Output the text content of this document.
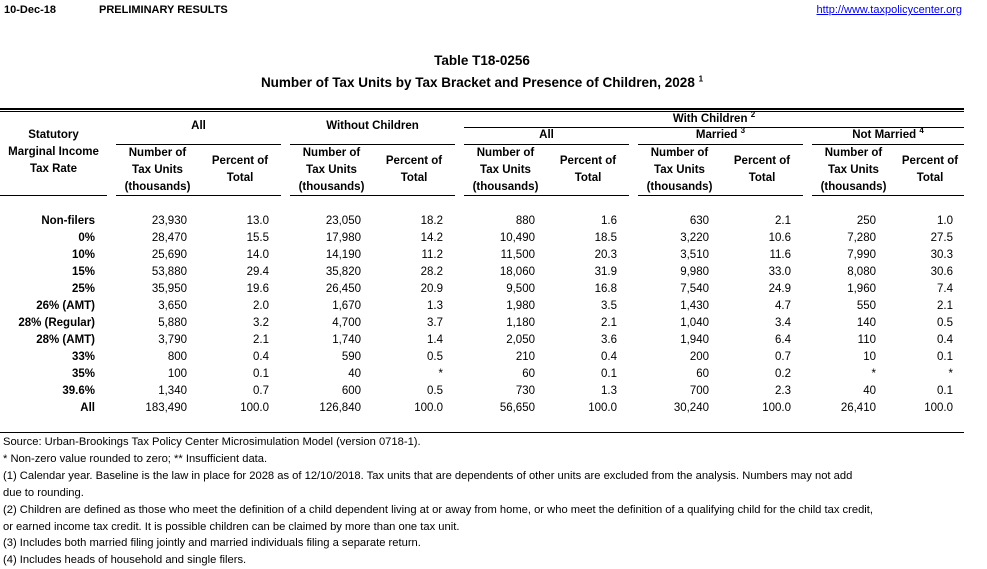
10-Dec-18	PRELIMINARY RESULTS	http://www.taxpolicycenter.org
Table T18-0256
Number of Tax Units by Tax Bracket and Presence of Children, 2028 $^1$
Statutory
Marginal Income
Tax Rate
All	Without Children
With Children $^2$
All	Married $^3$	Not Married $^4$
Number of
Tax Units
(thousands)
Percent of
Total
Number of
Tax Units
(thousands)
Percent of
Total
Number of
Tax Units
(thousands)
Percent of
Total
Number of
Tax Units
(thousands)
Percent of
Total
Number of
Tax Units
(thousands)
Percent of
Total
Non-filers	23,930	13.0	23,050	18.2	880	1.6	630	2.1	250	1.0
0%	28,470	15.5	17,980	14.2	10,490	18.5	3,220	10.6	7,280	27.5
10%	25,690	14.0	14,190	11.2	11,500	20.3	3,510	11.6	7,990	30.3
15%	53,880	29.4	35,820	28.2	18,060	31.9	9,980	33.0	8,080	30.6
25%	35,950	19.6	26,450	20.9	9,500	16.8	7,540	24.9	1,960	7.4
26% (AMT)	3,650	2.0	1,670	1.3	1,980	3.5	1,430	4.7	550	2.1
28% (Regular)	5,880	3.2	4,700	3.7	1,180	2.1	1,040	3.4	140	0.5
28% (AMT)	3,790	2.1	1,740	1.4	2,050	3.6	1,940	6.4	110	0.4
33%	800	0.4	590	0.5	210	0.4	200	0.7	10	0.1
35%	100	0.1	40	*	60	0.1	60	0.2	*	*
39.6%	1,340	0.7	600	0.5	730	1.3	700	2.3	40	0.1
All	183,490	100.0	126,840	100.0	56,650	100.0	30,240	100.0	26,410	100.0
Source: Urban-Brookings Tax Policy Center Microsimulation Model (version 0718-1).
* Non-zero value rounded to zero; ** Insufficient data.
(1) Calendar year. Baseline is the law in place for 2028 as of 12/10/2018. Tax units that are dependents of other units are excluded from the analysis. Numbers may not add
due to rounding.
(2) Children are defined as those who meet the definition of a child dependent living at or away from home, or who meet the definition of a qualifying child for the child tax credit,
or earned income tax credit. It is possible children can be claimed by more than one tax unit.
(3) Includes both married filing jointly and married individuals filing a separate return.
(4) Includes heads of household and single filers.
